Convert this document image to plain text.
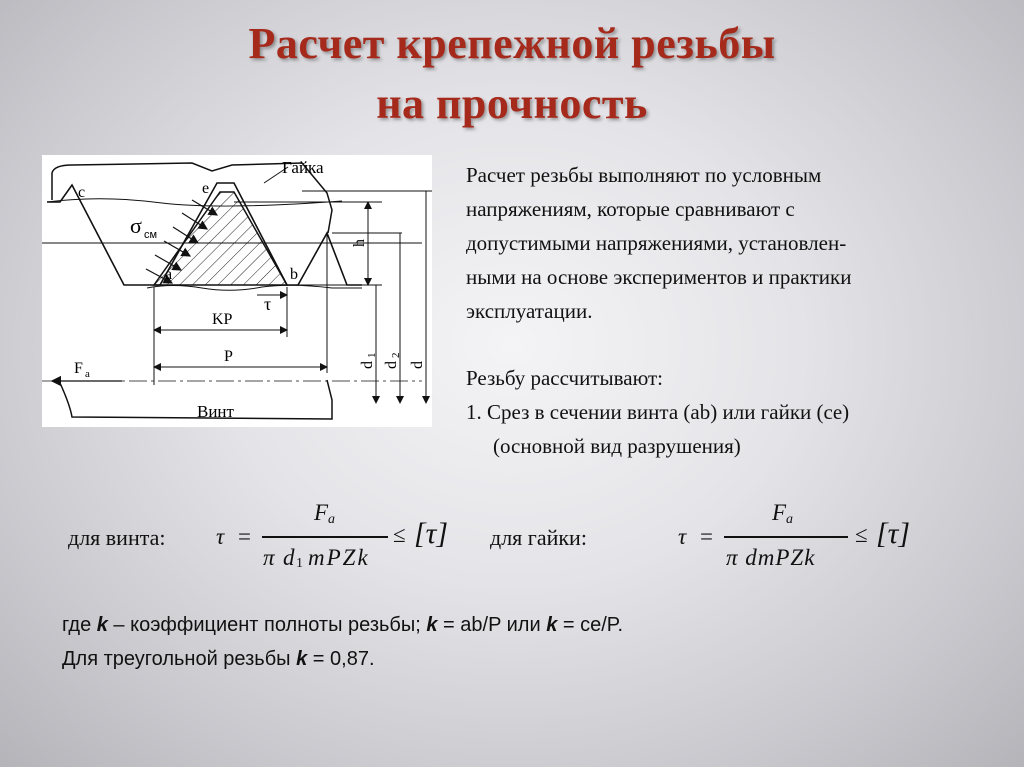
Расчет крепежной резьбы
на прочность
Гайка
Винт
c	e
a	b
σ см
τ
KP
P
F a
h
d
1
d
2
d
Расчет резьбы выполняют по условным
напряжениям, которые сравнивают с
допустимыми напряжениями, установлен-
ными на основе экспериментов и практики
эксплуатации.
Резьбу рассчитывают:
1. Срез в сечении винта (ab) или гайки (ce)
(основной вид разрушения)
для винта: τ =
F a
π d 1 mPZk
≤ [τ] для гайки:	τ =
F a
π dmPZk
≤ [τ]
где k – коэффициент полноты резьбы; k = ab/P или k = ce/P.
Для треугольной резьбы k = 0,87.
